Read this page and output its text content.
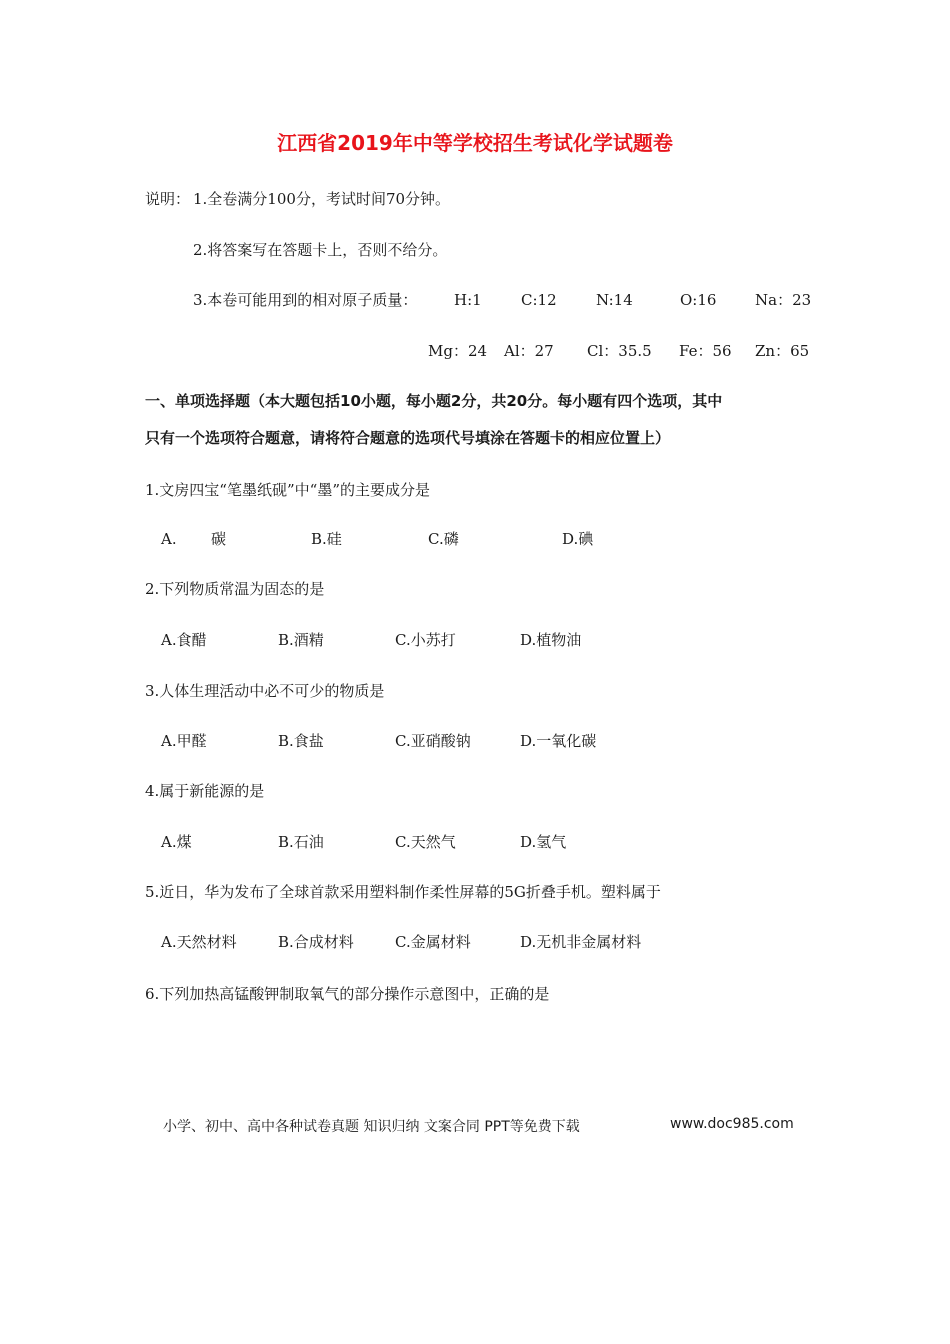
江西省2019年中等学校招生考试化学试题卷
说明： 1.全卷满分100分，考试时间70分钟。
2.将答案写在答题卡上，否则不给分。
3.本卷可能用到的相对原子质量： H:1	C:12	N:14	O:16	Na：23
Mg：24 Al：27 Cl：35.5 Fe：56 Zn：65
一、单项选择题（本大题包括10小题，每小题2分，共20分。每小题有四个选项，其中
只有一个选项符合题意，请将符合题意的选项代号填涂在答题卡的相应位置上）
1.文房四宝“笔墨纸砚”中“墨”的主要成分是
A. 碳	B.硅	C.磷	D.碘
2.下列物质常温为固态的是
A.食醋	B.酒精	C.小苏打	D.植物油
3.人体生理活动中必不可少的物质是
A.甲醛	B.食盐	C.亚硝酸钠	D.一氧化碳
4.属于新能源的是
A.煤	B.石油	C.天然气	D.氢气
5.近日，华为发布了全球首款采用塑料制作柔性屏幕的5G折叠手机。塑料属于
A.天然材料	B.合成材料	C.金属材料	D.无机非金属材料
6.下列加热高锰酸钾制取氧气的部分操作示意图中，正确的是
小学、初中、高中各种试卷真题 知识归纳 文案合同 PPT等免费下载	www.doc985.com
